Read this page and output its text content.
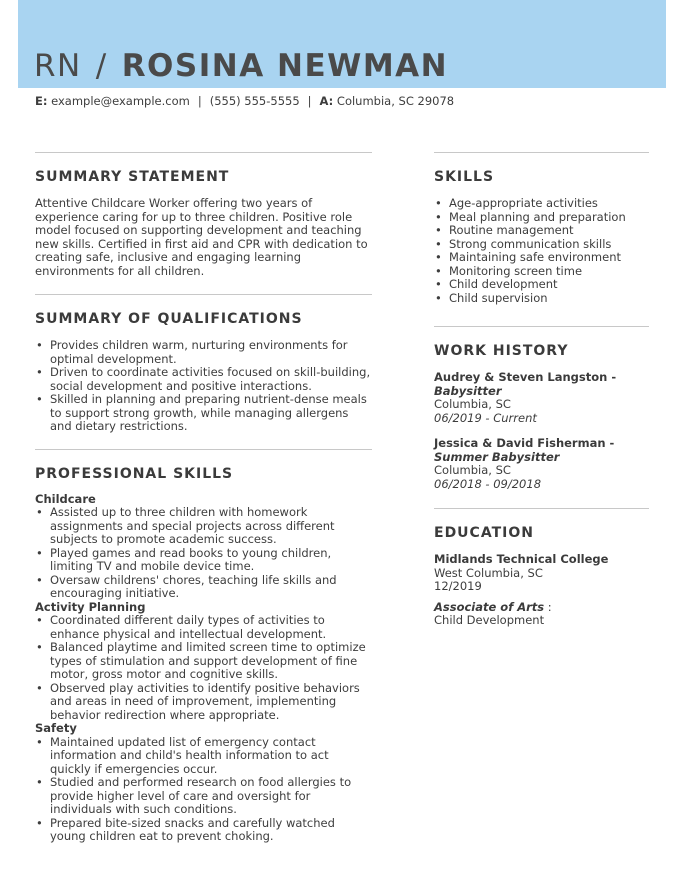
RN / ROSINA NEWMAN
E: example@example.com | (555) 555-5555 | A: Columbia, SC 29078
SUMMARY STATEMENT
Attentive Childcare Worker offering two years of experience caring for up to three children. Positive role model focused on supporting development and teaching new skills. Certified in first aid and CPR with dedication to creating safe, inclusive and engaging learning environments for all children.
SUMMARY OF QUALIFICATIONS
• Provides children warm, nurturing environments for optimal development.
• Driven to coordinate activities focused on skill-building, social development and positive interactions.
• Skilled in planning and preparing nutrient-dense meals to support strong growth, while managing allergens and dietary restrictions.
PROFESSIONAL SKILLS
Childcare
• Assisted up to three children with homework assignments and special projects across different subjects to promote academic success.
• Played games and read books to young children, limiting TV and mobile device time.
• Oversaw childrens' chores, teaching life skills and encouraging initiative.
Activity Planning
• Coordinated different daily types of activities to enhance physical and intellectual development.
• Balanced playtime and limited screen time to optimize types of stimulation and support development of fine motor, gross motor and cognitive skills.
• Observed play activities to identify positive behaviors and areas in need of improvement, implementing behavior redirection where appropriate.
Safety
• Maintained updated list of emergency contact information and child's health information to act quickly if emergencies occur.
• Studied and performed research on food allergies to provide higher level of care and oversight for individuals with such conditions.
• Prepared bite-sized snacks and carefully watched young children eat to prevent choking.
SKILLS
• Age-appropriate activities
• Meal planning and preparation
• Routine management
• Strong communication skills
• Maintaining safe environment
• Monitoring screen time
• Child development
• Child supervision
WORK HISTORY
Audrey & Steven Langston - Babysitter
Columbia, SC
06/2019 - Current
Jessica & David Fisherman - Summer Babysitter
Columbia, SC
06/2018 - 09/2018
EDUCATION
Midlands Technical College
West Columbia, SC
12/2019
Associate of Arts :
Child Development
